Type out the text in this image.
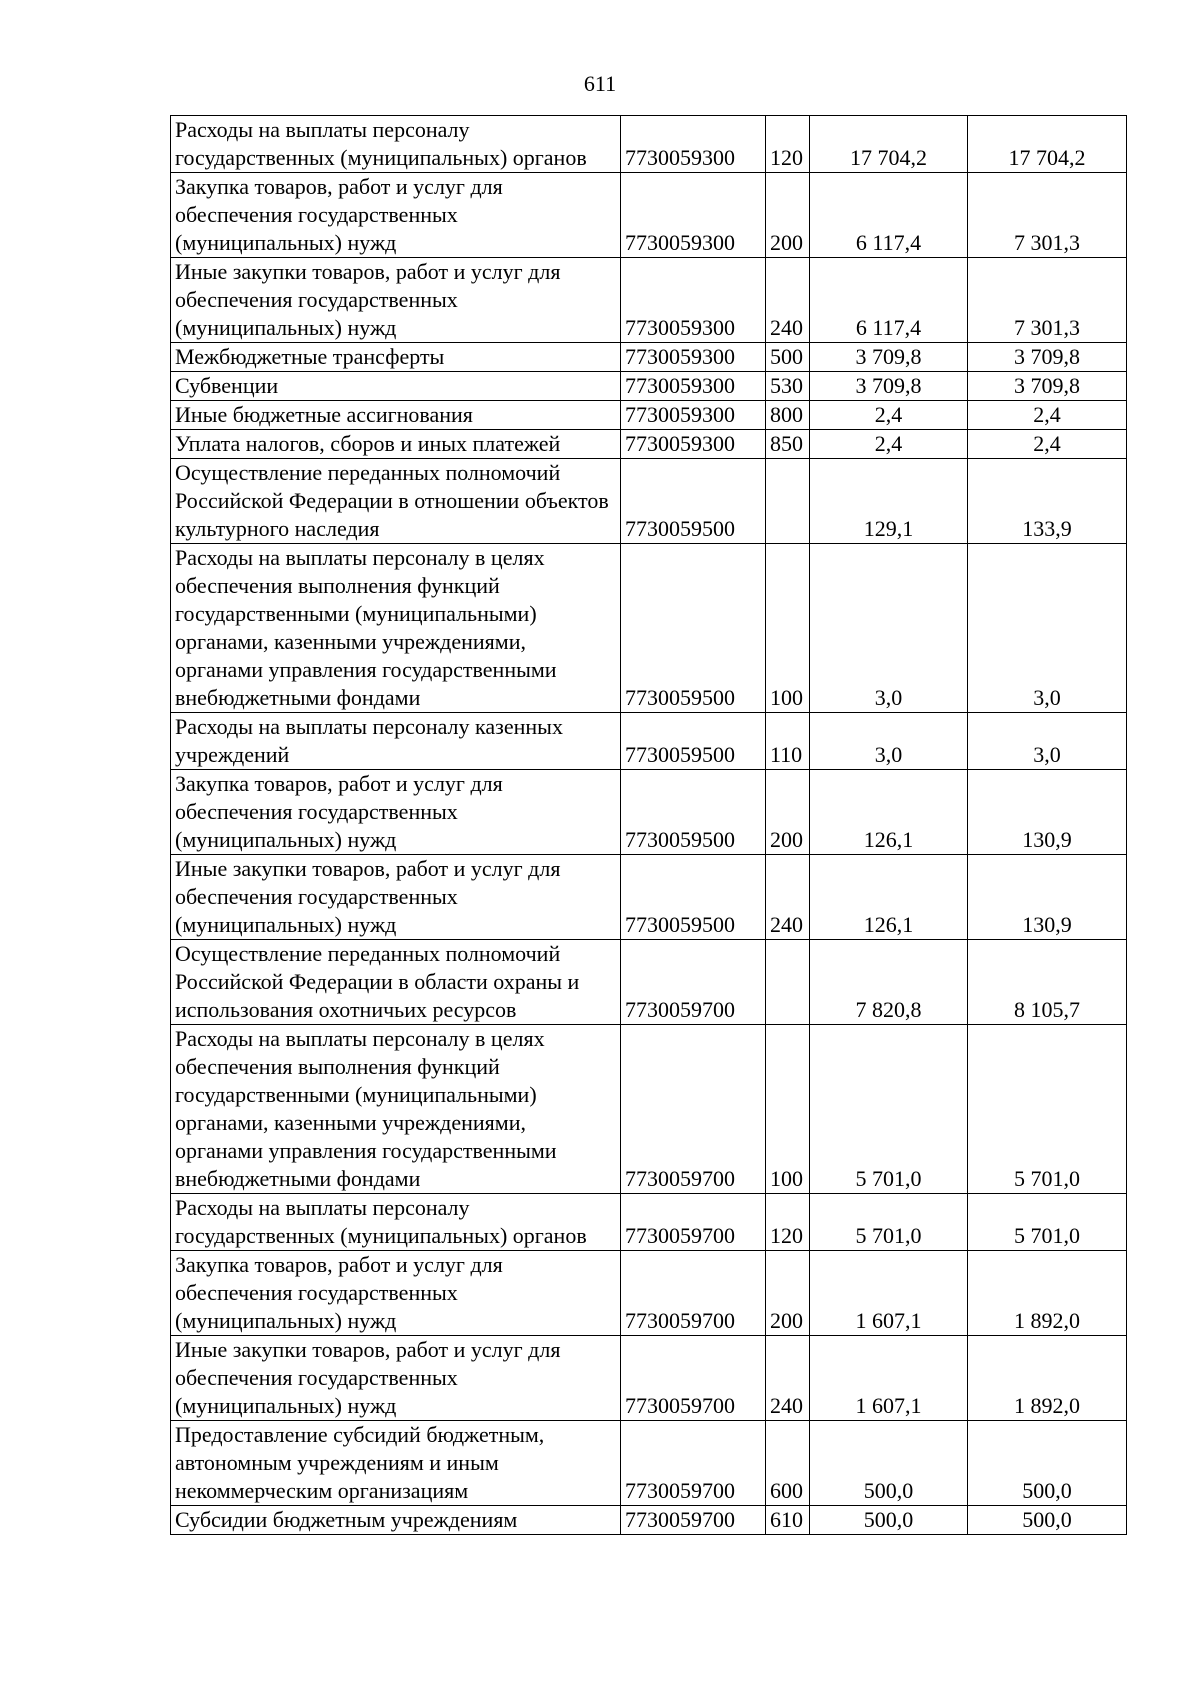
611
Расходы на выплаты персоналу государственных (муниципальных) органов	7730059300	120	17 704,2	17 704,2
Закупка товаров, работ и услуг для обеспечения государственных (муниципальных) нужд	7730059300	200	6 117,4	7 301,3
Иные закупки товаров, работ и услуг для обеспечения государственных (муниципальных) нужд	7730059300	240	6 117,4	7 301,3
Межбюджетные трансферты	7730059300	500	3 709,8	3 709,8
Субвенции	7730059300	530	3 709,8	3 709,8
Иные бюджетные ассигнования	7730059300	800	2,4	2,4
Уплата налогов, сборов и иных платежей	7730059300	850	2,4	2,4
Осуществление переданных полномочий Российской Федерации в отношении объектов культурного наследия	7730059500		129,1	133,9
Расходы на выплаты персоналу в целях обеспечения выполнения функций государственными (муниципальными) органами, казенными учреждениями, органами управления государственными внебюджетными фондами	7730059500	100	3,0	3,0
Расходы на выплаты персоналу казенных учреждений	7730059500	110	3,0	3,0
Закупка товаров, работ и услуг для обеспечения государственных (муниципальных) нужд	7730059500	200	126,1	130,9
Иные закупки товаров, работ и услуг для обеспечения государственных (муниципальных) нужд	7730059500	240	126,1	130,9
Осуществление переданных полномочий Российской Федерации в области охраны и использования охотничьих ресурсов	7730059700		7 820,8	8 105,7
Расходы на выплаты персоналу в целях обеспечения выполнения функций государственными (муниципальными) органами, казенными учреждениями, органами управления государственными внебюджетными фондами	7730059700	100	5 701,0	5 701,0
Расходы на выплаты персоналу государственных (муниципальных) органов	7730059700	120	5 701,0	5 701,0
Закупка товаров, работ и услуг для обеспечения государственных (муниципальных) нужд	7730059700	200	1 607,1	1 892,0
Иные закупки товаров, работ и услуг для обеспечения государственных (муниципальных) нужд	7730059700	240	1 607,1	1 892,0
Предоставление субсидий бюджетным, автономным учреждениям и иным некоммерческим организациям	7730059700	600	500,0	500,0
Субсидии бюджетным учреждениям	7730059700	610	500,0	500,0
